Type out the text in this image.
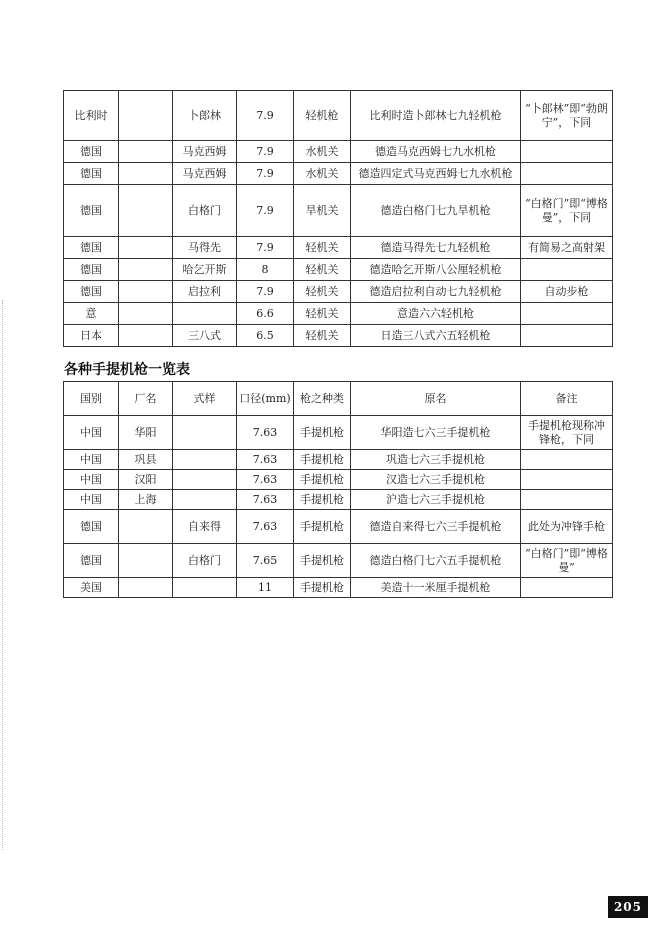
比利时		卜郎林	7.9	轻机枪	比利时造卜郎林七九轻机枪	“卜郎林”即“勃朗宁”，下同
德国		马克西姆	7.9	水机关	德造马克西姆七九水机枪	
德国		马克西姆	7.9	水机关	德造四定式马克西姆七九水机枪	
德国		白格门	7.9	旱机关	德造白格门七九旱机枪	“白格门”即“博格曼”，下同
德国		马得先	7.9	轻机关	德造马得先七九轻机枪	有简易之高射架
德国		哈乞开斯	8	轻机关	德造哈乞开斯八公厘轻机枪	
德国		启拉利	7.9	轻机关	德造启拉利自动七九轻机枪	自动步枪
意			6.6	轻机关	意造六六轻机枪	
日本		三八式	6.5	轻机关	日造三八式六五轻机枪	
各种手提机枪一览表
国别	厂名	式样	口径(mm)	枪之种类	原名	备注
中国	华阳		7.63	手提机枪	华阳造七六三手提机枪	手提机枪现称冲锋枪，下同
中国	巩县		7.63	手提机枪	巩造七六三手提机枪	
中国	汉阳		7.63	手提机枪	汉造七六三手提机枪	
中国	上海		7.63	手提机枪	沪造七六三手提机枪	
德国		自来得	7.63	手提机枪	德造自来得七六三手提机枪	此处为冲锋手枪
德国		白格门	7.65	手提机枪	德造白格门七六五手提机枪	“白格门”即“博格曼”
美国			11	手提机枪	美造十一米厘手提机枪	
205
